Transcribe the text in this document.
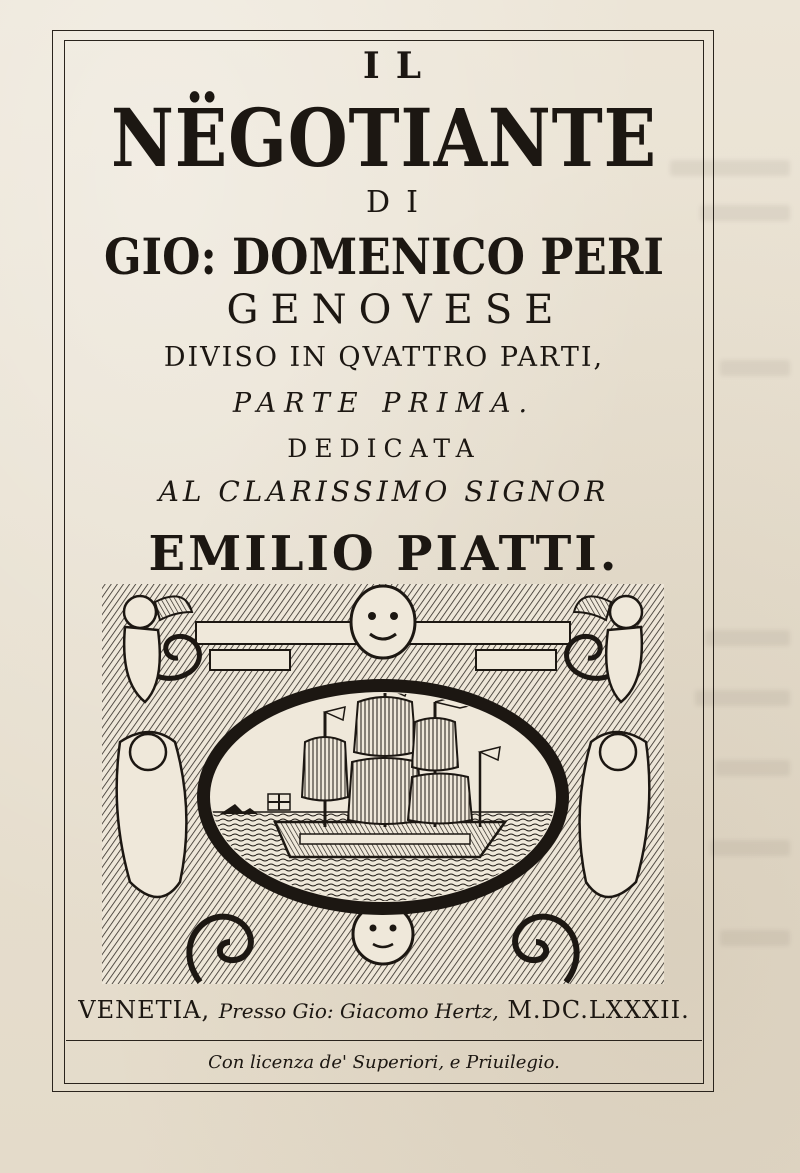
IL

NËGOTIANTE

DI

GIO: DOMENICO PERI

GENOVESE

DIVISO IN QVATTRO PARTI,

PARTE PRIMA.

DEDICATA

AL CLARISSIMO SIGNOR

EMILIO PIATTI.

VENETIA, Presso Gio: Giacomo Hertz, M.DC.LXXXII.

Con licenza de' Superiori, e Priuilegio.
